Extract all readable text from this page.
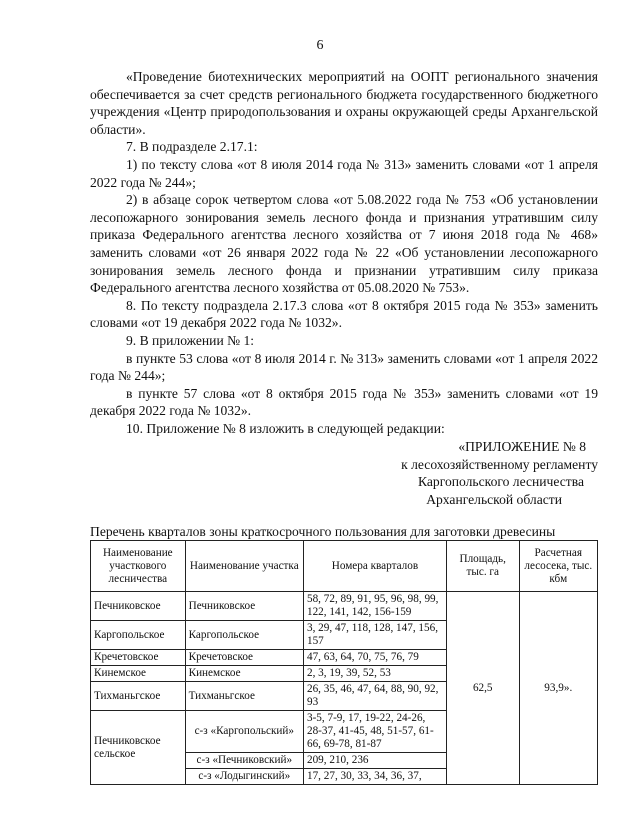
6

«Проведение биотехнических мероприятий на ООПТ регионального значения обеспечивается за счет средств регионального бюджета государственного бюджетного учреждения «Центр природопользования и охраны окружающей среды Архангельской области».

7. В подразделе 2.17.1:

1) по тексту слова «от 8 июля 2014 года № 313» заменить словами «от 1 апреля 2022 года № 244»;

2) в абзаце сорок четвертом слова «от 5.08.2022 года № 753 «Об установлении лесопожарного зонирования земель лесного фонда и признания утратившим силу приказа Федерального агентства лесного хозяйства от 7 июня 2018 года № 468» заменить словами «от 26 января 2022 года № 22 «Об установлении лесопожарного зонирования земель лесного фонда и признании утратившим силу приказа Федерального агентства лесного хозяйства от 05.08.2020 № 753».

8. По тексту подраздела 2.17.3 слова «от 8 октября 2015 года № 353» заменить словами «от 19 декабря 2022 года № 1032».

9. В приложении № 1:

в пункте 53 слова «от 8 июля 2014 г. № 313» заменить словами «от 1 апреля 2022 года № 244»;

в пункте 57 слова «от 8 октября 2015 года № 353» заменить словами «от 19 декабря 2022 года № 1032».

10. Приложение № 8 изложить в следующей редакции:

«ПРИЛОЖЕНИЕ № 8
к лесохозяйственному регламенту
Каргопольского лесничества
Архангельской области
Перечень кварталов зоны краткосрочного пользования для заготовки древесины
Наименование участкового лесничества	Наименование участка	Номера кварталов	Площадь, тыс. га	Расчетная лесосека, тыс. кбм
Печниковское	Печниковское	58, 72, 89, 91, 95, 96, 98, 99, 122, 141, 142, 156-159	62,5	93,9».
Каргопольское	Каргопольское	3, 29, 47, 118, 128, 147, 156, 157		
Кречетовское	Кречетовское	47, 63, 64, 70, 75, 76, 79		
Кинемское	Кинемское	2, 3, 19, 39, 52, 53		
Тихманьгское	Тихманьгское	26, 35, 46, 47, 64, 88, 90, 92, 93		
Печниковское сельское	с-з «Каргопольский»	3-5, 7-9, 17, 19-22, 24-26, 28-37, 41-45, 48, 51-57, 61-66, 69-78, 81-87		
	с-з «Печниковский»	209, 210, 236		
	с-з «Лодыгинский»	17, 27, 30, 33, 34, 36, 37,		
